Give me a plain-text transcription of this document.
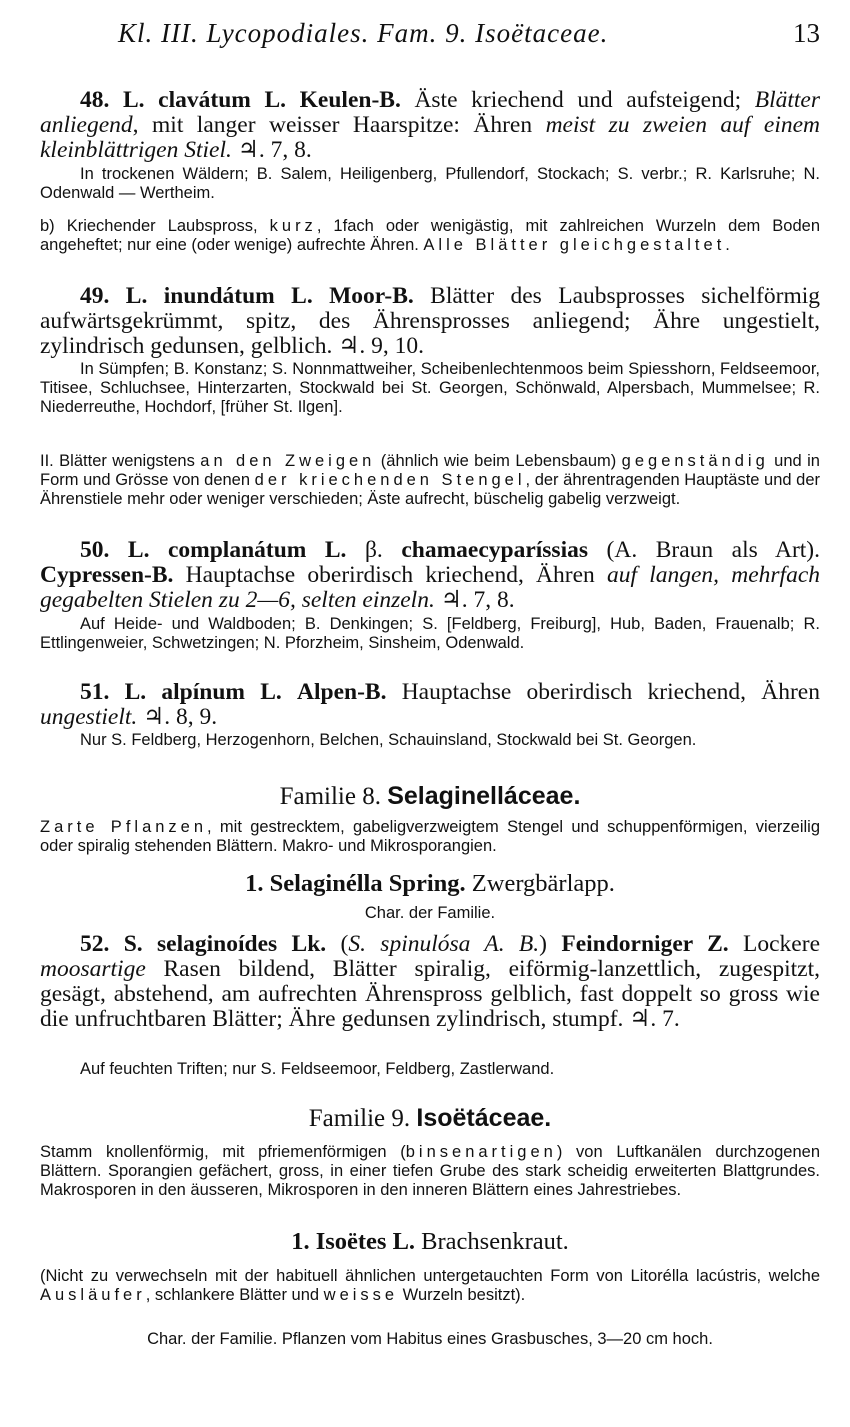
Kl. III. Lycopodiales. Fam. 9. Isoëtaceae.	13
48. L. clavátum L. Keulen-B. Äste kriechend und aufsteigend; Blätter anliegend, mit langer weisser Haarspitze: Ähren meist zu zweien auf einem kleinblättrigen Stiel. ♃. 7, 8.
In trockenen Wäldern; B. Salem, Heiligenberg, Pfullendorf, Stockach; S. verbr.; R. Karlsruhe; N. Odenwald — Wertheim.
b) Kriechender Laubspross, kurz, 1fach oder wenigästig, mit zahlreichen Wurzeln dem Boden angeheftet; nur eine (oder wenige) aufrechte Ähren. Alle Blätter gleichgestaltet.
49. L. inundátum L. Moor-B. Blätter des Laubsprosses sichelförmig aufwärtsgekrümmt, spitz, des Ährensprosses anliegend; Ähre ungestielt, zylindrisch gedunsen, gelblich. ♃. 9, 10.
In Sümpfen; B. Konstanz; S. Nonnmattweiher, Scheibenlechtenmoos beim Spiesshorn, Feldseemoor, Titisee, Schluchsee, Hinterzarten, Stockwald bei St. Georgen, Schönwald, Alpersbach, Mummelsee; R. Niederreuthe, Hochdorf, [früher St. Ilgen].
II. Blätter wenigstens an den Zweigen (ähnlich wie beim Lebensbaum) gegenständig und in Form und Grösse von denen der kriechenden Stengel, der ährentragenden Hauptäste und der Ährenstiele mehr oder weniger verschieden; Äste aufrecht, büschelig gabelig verzweigt.
50. L. complanátum L. β. chamaecyparíssias (A. Braun als Art). Cypressen-B. Hauptachse oberirdisch kriechend, Ähren auf langen, mehrfach gegabelten Stielen zu 2—6, selten einzeln. ♃. 7, 8.
Auf Heide- und Waldboden; B. Denkingen; S. [Feldberg, Freiburg], Hub, Baden, Frauenalb; R. Ettlingenweier, Schwetzingen; N. Pforzheim, Sinsheim, Odenwald.
51. L. alpínum L. Alpen-B. Hauptachse oberirdisch kriechend, Ähren ungestielt. ♃. 8, 9.
Nur S. Feldberg, Herzogenhorn, Belchen, Schauinsland, Stockwald bei St. Georgen.
Familie 8. Selaginelláceae.
Zarte Pflanzen, mit gestrecktem, gabeligverzweigtem Stengel und schuppenförmigen, vierzeilig oder spiralig stehenden Blättern. Makro- und Mikrosporangien.
1. Selaginélla Spring. Zwergbärlapp.
Char. der Familie.
52. S. selaginoídes Lk. (S. spinulósa A. B.) Feindorniger Z. Lockere moosartige Rasen bildend, Blätter spiralig, eiförmig-lanzettlich, zugespitzt, gesägt, abstehend, am aufrechten Ährenspross gelblich, fast doppelt so gross wie die unfruchtbaren Blätter; Ähre gedunsen zylindrisch, stumpf. ♃. 7.
Auf feuchten Triften; nur S. Feldseemoor, Feldberg, Zastlerwand.
Familie 9. Isoëtáceae.
Stamm knollenförmig, mit pfriemenförmigen (binsenartigen) von Luftkanälen durchzogenen Blättern. Sporangien gefächert, gross, in einer tiefen Grube des stark scheidig erweiterten Blattgrundes. Makrosporen in den äusseren, Mikrosporen in den inneren Blättern eines Jahrestriebes.
1. Isoëtes L. Brachsenkraut.
(Nicht zu verwechseln mit der habituell ähnlichen untergetauchten Form von Litorélla lacústris, welche Ausläufer, schlankere Blätter und weisse Wurzeln besitzt).
Char. der Familie. Pflanzen vom Habitus eines Grasbusches, 3—20 cm hoch.
